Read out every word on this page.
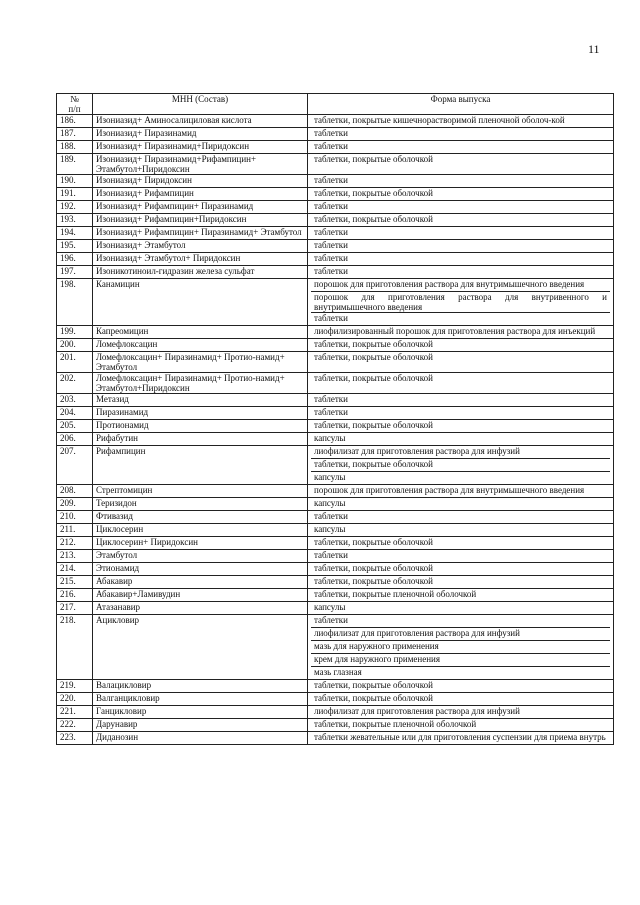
11
№
п/п	МНН (Состав)	Форма выпуска
186.	Изониазид+ Аминосалициловая кислота	таблетки, покрытые кишечнорастворимой пленочной оболоч-кой

187.	Изониазид+ Пиразинамид	таблетки

188.	Изониазид+ Пиразинамид+Пиридоксин	таблетки

189.	Изониазид+ Пиразинамид+Рифампицин+ Этамбутол+Пиридоксин	таблетки, покрытые оболочкой

190.	Изониазид+ Пиридоксин	таблетки

191.	Изониазид+ Рифампицин	таблетки, покрытые оболочкой

192.	Изониазид+ Рифампицин+ Пиразинамид	таблетки

193.	Изониазид+ Рифампицин+Пиридоксин	таблетки, покрытые оболочкой

194.	Изониазид+ Рифампицин+ Пиразинамид+ Этамбутол	таблетки

195.	Изониазид+ Этамбутол	таблетки

196.	Изониазид+ Этамбутол+ Пиридоксин	таблетки

197.	Изоникотиноил-гидразин железа сульфат	таблетки

198.	Канамицин	порошок для приготовления раствора для внутримышечного введения
порошок для приготовления раствора для внутривенного и внутримышечного введения
таблетки

199.	Капреомицин	лиофилизированный порошок для приготовления раствора для инъекций

200.	Ломефлоксацин	таблетки, покрытые оболочкой

201.	Ломефлоксацин+ Пиразинамид+ Протио-намид+ Этамбутол	таблетки, покрытые оболочкой

202.	Ломефлоксацин+ Пиразинамид+ Протио-намид+ Этамбутол+Пиридоксин	таблетки, покрытые оболочкой

203.	Метазид	таблетки

204.	Пиразинамид	таблетки

205.	Протионамид	таблетки, покрытые оболочкой

206.	Рифабутин	капсулы

207.	Рифампицин	лиофилизат для приготовления раствора для инфузий
таблетки, покрытые оболочкой
капсулы

208.	Стрептомицин	порошок для приготовления раствора для внутримышечного введения

209.	Теризидон	капсулы

210.	Фтивазид	таблетки

211.	Циклосерин	капсулы

212.	Циклосерин+ Пиридоксин	таблетки, покрытые оболочкой

213.	Этамбутол	таблетки

214.	Этионамид	таблетки, покрытые оболочкой

215.	Абакавир	таблетки, покрытые оболочкой

216.	Абакавир+Ламивудин	таблетки, покрытые пленочной оболочкой

217.	Атазанавир	капсулы

218.	Ацикловир	таблетки
лиофилизат для приготовления раствора для инфузий
мазь для наружного применения
крем для наружного применения
мазь глазная

219.	Валацикловир	таблетки, покрытые оболочкой

220.	Валганцикловир	таблетки, покрытые оболочкой

221.	Ганцикловир	лиофилизат для приготовления раствора для инфузий

222.	Дарунавир	таблетки, покрытые пленочной оболочкой

223.	Диданозин	таблетки жевательные или для приготовления суспензии для приема внутрь
